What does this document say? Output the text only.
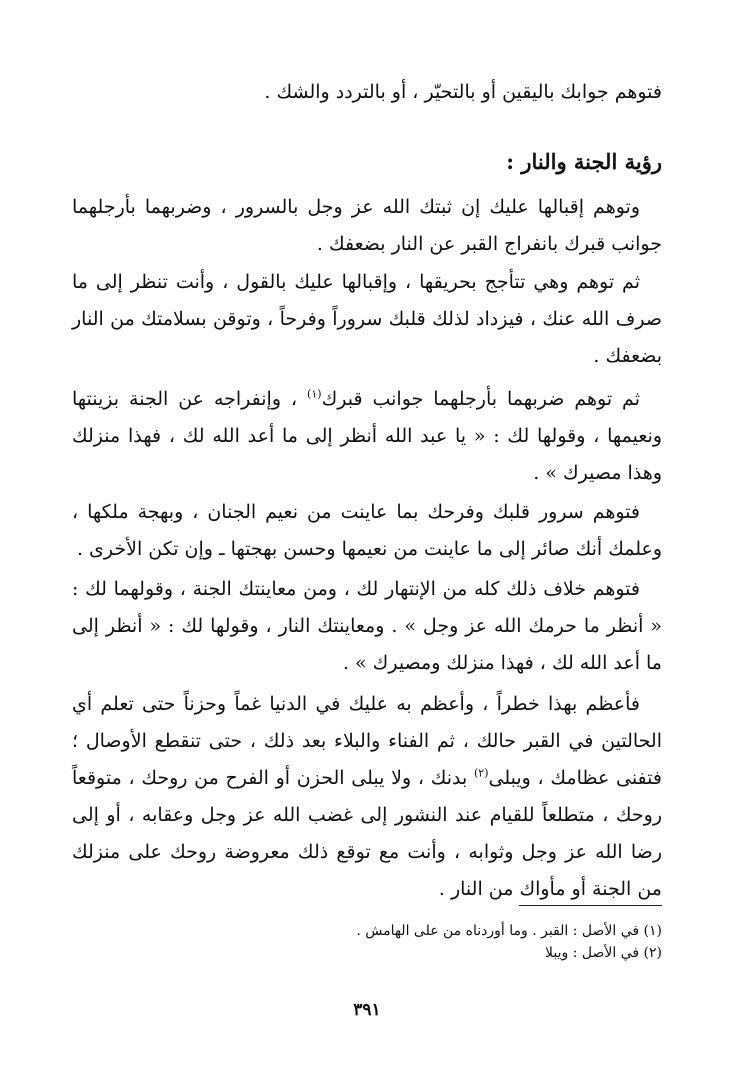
فتوهم جوابك باليقين أو بالتحيّر ، أو بالتردد والشك .

رؤية الجنة والنار :

وتوهم إقبالها عليك إن ثبتك الله عز وجل بالسرور ، وضربهما بأرجلهما جوانب قبرك بانفراج القبر عن النار بضعفك .

ثم توهم وهي تتأجج بحريقها ، وإقبالها عليك بالقول ، وأنت تنظر إلى ما صرف الله عنك ، فيزداد لذلك قلبك سروراً وفرحاً ، وتوقن بسلامتك من النار بضعفك .

ثم توهم ضربهما بأرجلهما جوانب قبرك$^{(١)}$ ، وإنفراجه عن الجنة بزينتها ونعيمها ، وقولها لك : « يا عبد الله أنظر إلى ما أعد الله لك ، فهذا منزلك وهذا مصيرك » .

فتوهم سرور قلبك وفرحك بما عاينت من نعيم الجنان ، وبهجة ملكها ، وعلمك أنك صائر إلى ما عاينت من نعيمها وحسن بهجتها ـ وإن تكن الأخرى .

فتوهم خلاف ذلك كله من الإنتهار لك ، ومن معاينتك الجنة ، وقولهما لك : « أنظر ما حرمك الله عز وجل » . ومعاينتك النار ، وقولها لك : « أنظر إلى ما أعد الله لك ، فهذا منزلك ومصيرك » .

فأعظم بهذا خطراً ، وأعظم به عليك في الدنيا غماً وحزناً حتى تعلم أي الحالتين في القبر حالك ، ثم الفناء والبلاء بعد ذلك ، حتى تنقطع الأوصال ؛ فتفنى عظامك ، ويبلى$^{(٢)}$ بدنك ، ولا يبلى الحزن أو الفرح من روحك ، متوقعاً روحك ، متطلعاً للقيام عند النشور إلى غضب الله عز وجل وعقابه ، أو إلى رضا الله عز وجل وثوابه ، وأنت مع توقع ذلك معروضة روحك على منزلك من الجنة أو مأواك من النار .

(١) في الأصل : القبر . وما أوردناه من على الهامش .
(٢) في الأصل : ويبلا
٣٩١
